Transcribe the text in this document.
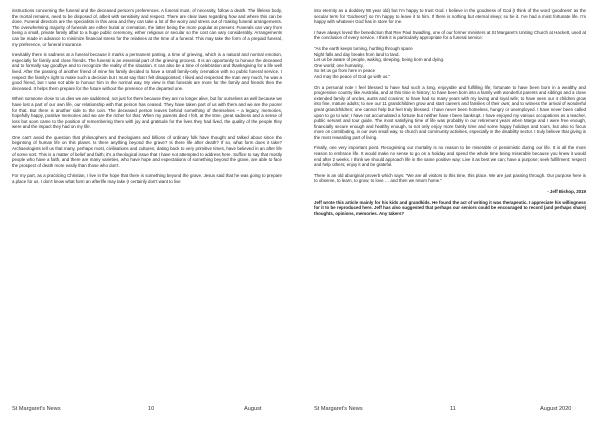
instructions concerning the funeral and the deceased person's preferences. A funeral must, of necessity, follow a death. The lifeless body, the mortal remains, need to be disposed of, albeit with sensitivity and respect. There are clear laws regarding how and where this can be done. Funeral directors are the specialists in this area and they can take a lot of the worry and stress out of making funeral arrangements. The overwhelming majority of funerals are either burial or cremation, the latter being the more popular at present. Funerals can vary from being a small, private family affair to a huge public ceremony, either religious or secular so the cost can vary considerably. Arrangements can be made in advance to minimize financial stress for the relatives at the time of a funeral. This may take the form of a prepaid funeral, my preference, or funeral insurance.

Inevitably there is sadness at a funeral because it marks a permanent parting, a time of grieving, which is a natural and normal emotion, especially for family and close friends. The funeral is an essential part of the grieving process. It is an opportunity to honour the deceased and to formally say goodbye and to recognize the reality of the situation. It can also be a time of celebration and thanksgiving for a life well lived. After the passing of another friend of mine his family decided to have a small family-only cremation with no public funeral service. I respect the family's right to make such a decision but I must say that I felt disappointed; I liked and respected the man very much, he was a good friend, but I was not able to honour him in the normal way. My view is that funerals are more for the family and friends then the deceased. It helps them prepare for the future without the presence of the departed one.

When someone close to us dies we are saddened, not just for them because they are no longer alive, but for ourselves as well because we have lost a part of our own life, our relationship with that person has ceased. They have taken part of us with them and we are the poorer for that. But there is another side to the coin. The deceased person leaves behind something of themselves – a legacy, memories, hopefully happy, positive memories and we are the richer for that. When my parents died I felt, at the time, great sadness and a sense of loss but soon came to the position of remembering them with joy and gratitude for the lives they had lived, the quality of the people they were and the impact they had on my life.

One can't avoid the question that philosophers and theologians and billions of ordinary folk have thought and talked about since the beginning of human life on this planet. Is there anything beyond the grave? Is there life after death? If so, what form does it take? Archaeologists tell us that many, perhaps most, civilisations and cultures, dating back to very primitive times, have believed in an after life of some sort. This is a matter of belief and faith; it's a theological issue that I have not attempted to address here. Suffice to say that mostly people who have a faith, and there are many varieties, who have hope and expectations of something beyond the grave, are able to face the prospect of death more easily than those who don't.

For my part, as a practicing Christian, I live in the hope that there is something beyond the grave. Jesus said that he was going to prepare a place for us. I don't know what form an afterlife may take (I certainly don't want to live

St Margaret's News	10	August

into eternity as a doddery 88 year old) but I'm happy to trust God. I believe in the goodness of God (I think of the word 'goodness' as the secular term for 'Godness') so I'm happy to leave it to him. If there is nothing but eternal sleep; so be it. I've had a most fortunate life. I'm happy with whatever God has in store for me.

I have always loved the benediction that Rev Paul Swadling, one of our former ministers at St Margaret's Uniting Church at Hackett, used at the conclusion of every service. I think it is particularly appropriate for a funeral service:

"As the earth keeps turning, hurtling through space
Night falls and day breaks from land to land.
Let us be aware of people, waking, sleeping, being born and dying.
One world; one humanity,
So let us go from here in peace
And may the peace of God go with us."

On a personal note I feel blessed to have had such a long, enjoyable and fulfilling life; fortunate to have been born in a wealthy and progressive country like Australia, and at this time in history; to have been born into a family with wonderful parents and siblings and a close extended family of uncles, aunts and cousins; to have had so many years with my loving and loyal wife; to have seen our 4 children grow into fine, mature adults; to see our 11 grandchildren grow and start careers and families of their own; and to witness the arrival of wonderful great grandchildren; one cannot help but feel truly blessed. I have never been homeless, hungry or unemployed. I have never been called upon to go to war; I have not accumulated a fortune but neither have I been bankrupt. I have enjoyed my various occupations as a teacher, public servant and tour guide. The most satisfying time of life was probably in our retirement years when Marge and I were free enough, financially secure enough and healthy enough, to not only enjoy more family time and some happy holidays and tours, but also to focus more on contributing, in our own small way, to church and community activities, especially in the disability sector. I truly believe that giving is the most rewarding part of living.

Finally, one very important point. Recognising our mortality is no reason to be miserable or pessimistic during our life. It is all the more reason to embrace life. It would make no sense to go on a holiday and spend the whole time being miserable because you knew it would end after 2 weeks. I think we should approach life in the same positive way: Live it as best we can; have a purpose; seek fulfillment; respect and help others; enjoy it and be grateful.

There is an old aboriginal proverb which says: "We are all visitors to this time, this place. We are just passing through. Our purpose here is to observe, to learn, to grow, to love … and then we return home."

- Jeff Bishop, 2019

Jeff wrote this article mainly for his kids and grandkids. He found the act of writing it was therapeutic. I appreciate his willingness for it to be reproduced here. Jeff has also suggested that perhaps our seniors could be encouraged to record (and perhaps share) thoughts, opinions, memories. Any takers?

St Margaret's News	11	August 2020
